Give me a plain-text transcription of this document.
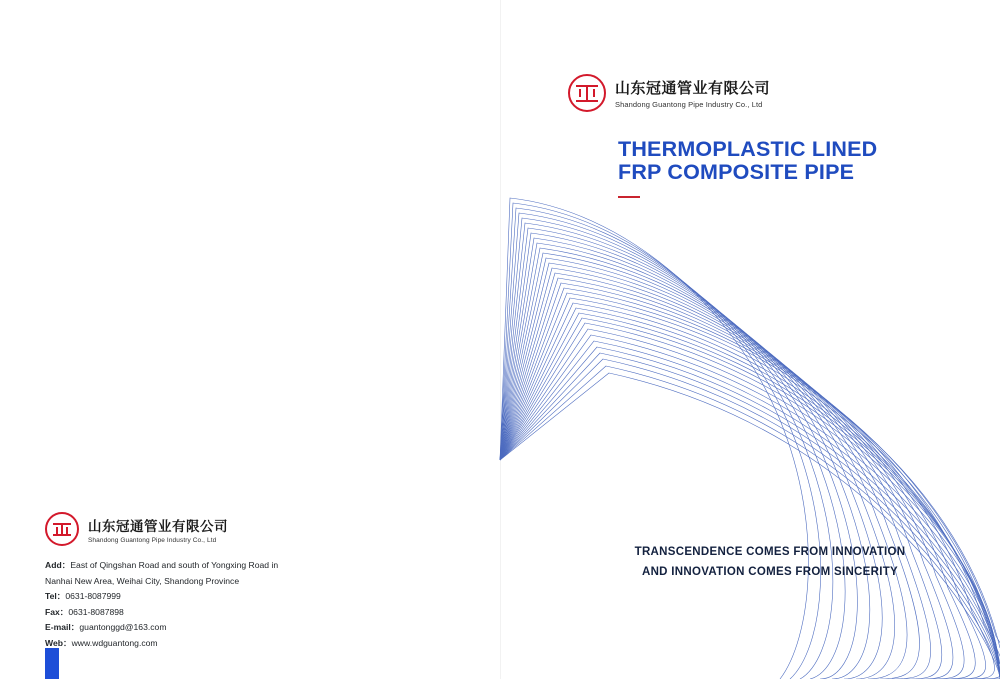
山东冠通管业有限公司
Shandong Guantong Pipe Industry Co., Ltd
THERMOPLASTIC LINED
FRP COMPOSITE PIPE
TRANSCENDENCE COMES FROM INNOVATION
AND INNOVATION COMES FROM SINCERITY
山东冠通管业有限公司
Shandong Guantong Pipe Industry Co., Ltd
Add：East of Qingshan Road and south of Yongxing Road in
Nanhai New Area, Weihai City, Shandong Province
Tel：0631-8087999
Fax：0631-8087898
E-mail：guantonggd@163.com
Web：www.wdguantong.com
